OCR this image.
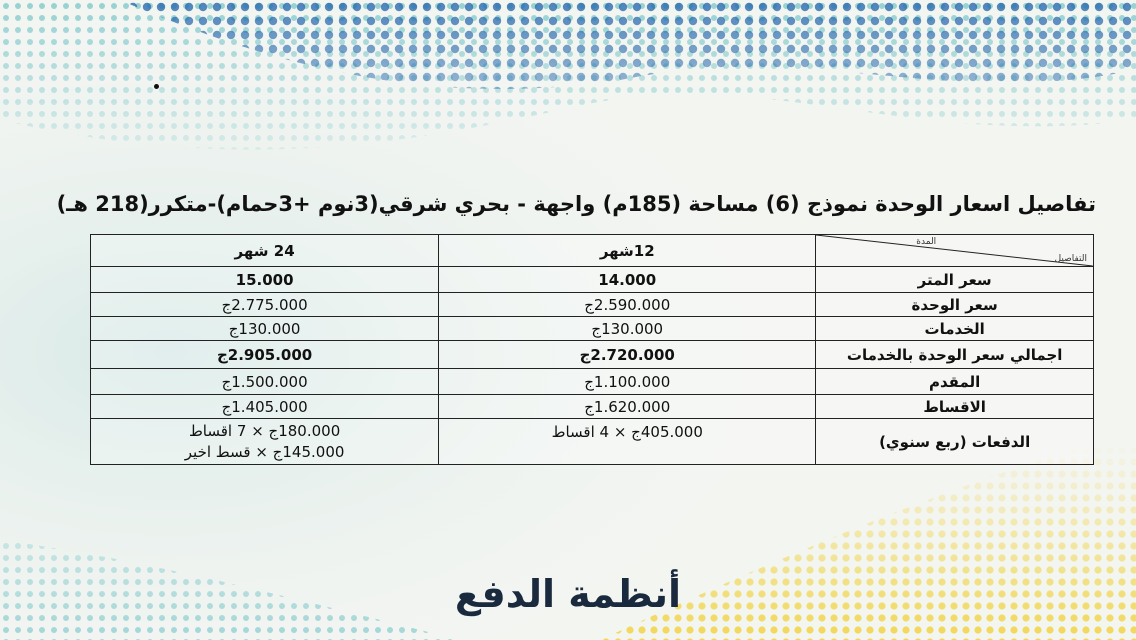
تفاصيل اسعار الوحدة نموذج (6) مساحة (185م) واجهة - بحري شرقي(3نوم +3حمام)-متكرر(218 هـ)
المدة
التفاصيل	12شهر	24 شهر
سعر المتر	14.000	15.000
سعر الوحدة	2.590.000ج	2.775.000ج
الخدمات	130.000ج	130.000ج
اجمالي سعر الوحدة بالخدمات	2.720.000ج	2.905.000ج
المقدم	1.100.000ج	1.500.000ج
الاقساط	1.620.000ج	1.405.000ج
الدفعات (ربع سنوي)	405.000ج × 4 اقساط	180.000ج × 7 اقساط
145.000ج × قسط اخير
أنظمة الدفع
